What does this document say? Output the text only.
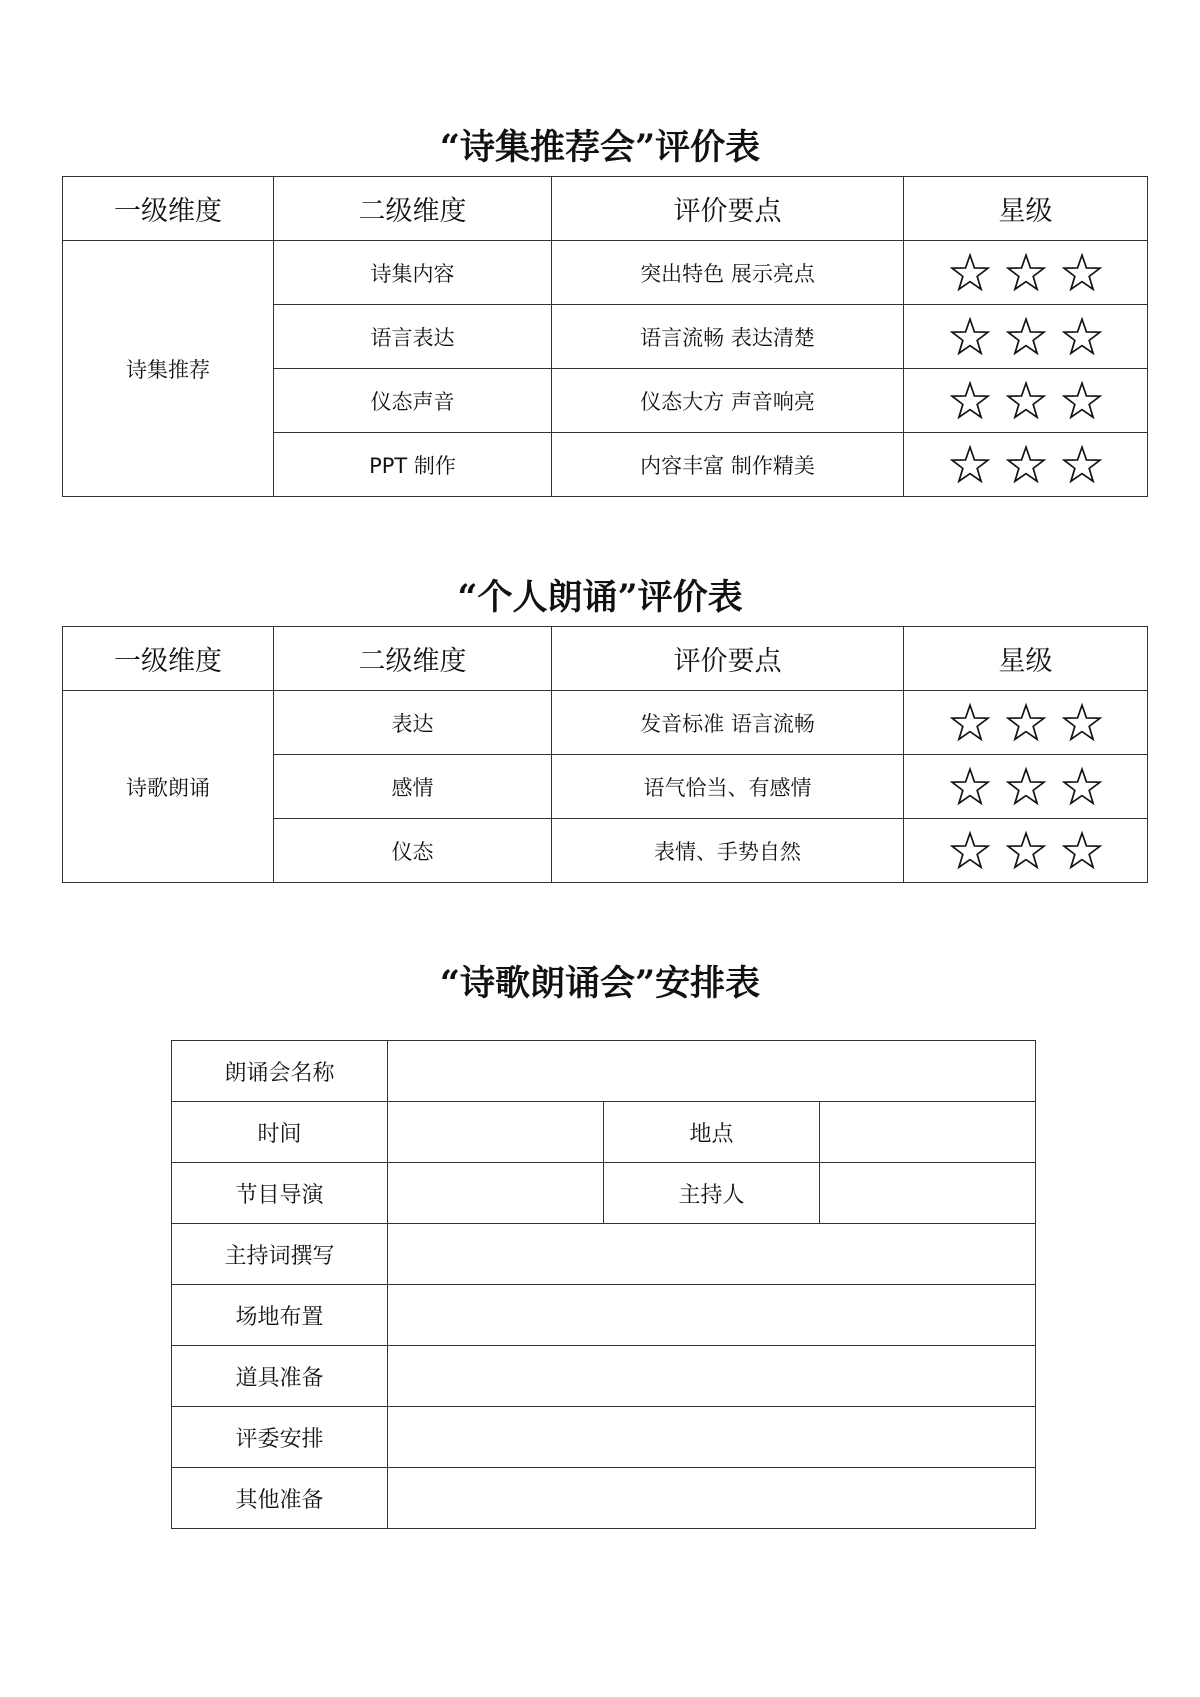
“诗集推荐会”评价表
一级维度	二级维度	评价要点	星级
诗集推荐	诗集内容	突出特色 展示亮点	

	语言表达	语言流畅 表达清楚	

	仪态声音	仪态大方 声音响亮	

	PPT 制作	内容丰富 制作精美	
“个人朗诵”评价表
一级维度	二级维度	评价要点	星级
诗歌朗诵	表达	发音标准 语言流畅	

	感情	语气恰当、有感情	

	仪态	表情、手势自然	
“诗歌朗诵会”安排表
朗诵会名称			
时间		地点	
节目导演		主持人	
主持词撰写			
场地布置			
道具准备			
评委安排			
其他准备			
